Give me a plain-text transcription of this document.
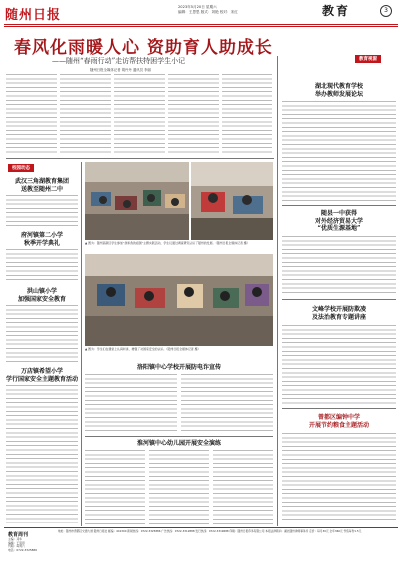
随州日报
2023年5月20日 星期六
编辑：王思思 版式：刘艳 校对：宋红	教育	3
春风化雨暖人心 资助育人助成长
——随州“春雨行动”走访帮扶特困学生小记
随州日报全媒体记者 胡丹丹 通讯员 李丽
教育视窗
湖北现代教育学校
举办教师发展论坛
随县一中获得
对外经济贸易大学
“优质生源基地”
文峰学校开展防欺凌
及法治教育专题讲座
曾都区编钟中学
开展节约粮食主题活动
校园动态
武汉三角湖教育集团
送教至随州二中
府河镇第二小学
秋季开学典礼
洪山镇小学
加强国家安全教育
万店镇希望小学
学行国家安全主题教育活动
▲ 图为：随州高新区学生参加“我和我的祖国”主题实践活动，学生们通过调查研究认识了随州的发展。（随州日报全媒体记者 摄）
▲ 图为：学生们在课堂上认真听讲，增强了对国家安全的认识。（随州日报全媒体记者 摄）
洛阳镇中心学校开展防电诈宣传
淮河镇中心幼儿园开展安全演练
教育周刊
主编：邓华
编辑：王思思
刊期：每周六
电话：0722-3325886
地址：随州市曾都区交通大道 随州日报社 邮编：441300 新闻热线：0722-3325886 广告热线：0722-3312888 发行热线：0722-3319688 印刷：随州日报印务有限公司 本报法律顾问：湖北随州律师事务所 定价：每月30元 全年360元 零售每份1.5元
